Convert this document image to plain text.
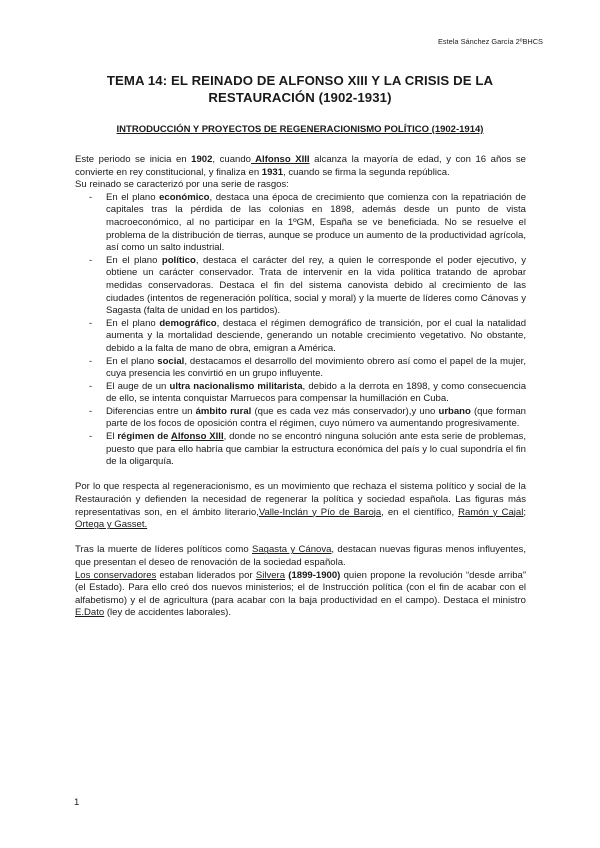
Estela Sánchez García 2ºBHCS
TEMA 14: EL REINADO DE ALFONSO XIII Y LA CRISIS DE LA RESTAURACIÓN (1902-1931)
INTRODUCCIÓN Y PROYECTOS DE REGENERACIONISMO POLÍTICO (1902-1914)

Este periodo se inicia en 1902, cuando Alfonso XIII alcanza la mayoría de edad, y con 16 años se convierte en rey constitucional, y finaliza en 1931, cuando se firma la segunda república.

Su reinado se caracterizó por una serie de rasgos:

- En el plano económico, destaca una época de crecimiento que comienza con la repatriación de capitales tras la pérdida de las colonias en 1898, además desde un punto de vista macroeconómico, al no participar en la 1ºGM, España se ve beneficiada. No se resuelve el problema de la distribución de tierras, aunque se produce un aumento de la productividad agrícola, así como un salto industrial.
- En el plano político, destaca el carácter del rey, a quien le corresponde el poder ejecutivo, y obtiene un carácter conservador. Trata de intervenir en la vida política tratando de aprobar medidas conservadoras. Destaca el fin del sistema canovista debido al crecimiento de las ciudades (intentos de regeneración política, social y moral) y la muerte de líderes como Cánovas y Sagasta (falta de unidad en los partidos).
- En el plano demográfico, destaca el régimen demográfico de transición, por el cual la natalidad aumenta y la mortalidad desciende, generando un notable crecimiento vegetativo. No obstante, debido a la falta de mano de obra, emigran a América.
- En el plano social, destacamos el desarrollo del movimiento obrero así como el papel de la mujer, cuya presencia les convirtió en un grupo influyente.
- El auge de un ultra nacionalismo militarista, debido a la derrota en 1898, y como consecuencia de ello, se intenta conquistar Marruecos para compensar la humillación en Cuba.
- Diferencias entre un ámbito rural (que es cada vez más conservador),y uno urbano (que forman parte de los focos de oposición contra el régimen, cuyo número va aumentando progresivamente.
- El régimen de Alfonso XIII, donde no se encontró ninguna solución ante esta serie de problemas, puesto que para ello habría que cambiar la estructura económica del país y lo cual supondría el fin de la oligarquía.

Por lo que respecta al regeneracionismo, es un movimiento que rechaza el sistema político y social de la Restauración y defienden la necesidad de regenerar la política y sociedad española. Las figuras más representativas son, en el ámbito literario,Valle-Inclán y Pío de Baroja, en el científico, Ramón y Cajal; Ortega y Gasset.

Tras la muerte de líderes políticos como Sagasta y Cánova, destacan nuevas figuras menos influyentes, que presentan el deseo de renovación de la sociedad española.

Los conservadores estaban liderados por Silvera (1899-1900) quien propone la revolución “desde arriba” (el Estado). Para ello creó dos nuevos ministerios; el de Instrucción política (con el fin de acabar con el alfabetismo) y el de agricultura (para acabar con la baja productividad en el campo). Destaca el ministro E.Dato (ley de accidentes laborales).

1
